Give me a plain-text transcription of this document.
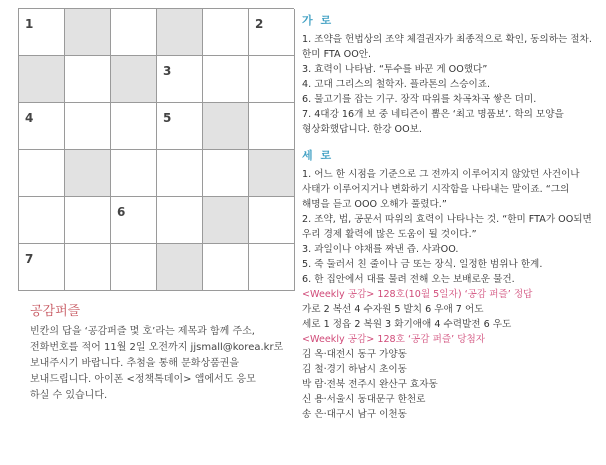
1	2
3
4	5
6
7

공감퍼즐

빈칸의 답을 ‘공감퍼즐 몇 호’라는 제목과 함께 주소,

전화번호를 적어 11월 2일 오전까지 jjsmall@korea.kr로

보내주시기 바랍니다. 추첨을 통해 문화상품권을

보내드립니다. 아이폰 <정책톡데이> 앱에서도 응모

하실 수 있습니다.

가 로

1. 조약을 헌법상의 조약 체결권자가 최종적으로 확인, 동의하는 절차.

한미 FTA OO안.

3. 효력이 나타남. “투수를 바꾼 게 OO했다”

4. 고대 그리스의 철학자. 플라톤의 스승이죠.

6. 물고기를 잡는 기구. 장작 따위를 차곡차곡 쌓은 더미.

7. 4대강 16개 보 중 네티즌이 뽑은 ‘최고 명품보’. 학의 모양을

형상화했답니다. 한강 OO보.

세 로

1. 어느 한 시점을 기준으로 그 전까지 이루어지지 않았던 사건이나

사태가 이루어지거나 변화하기 시작함을 나타내는 말이죠. “그의

해명을 듣고 OOO 오해가 풀렸다.”

2. 조약, 법, 공문서 따위의 효력이 나타나는 것. “한미 FTA가 OO되면

우리 경제 활력에 많은 도움이 될 것이다.”

3. 과일이나 야채를 짜낸 즙. 사과OO.

5. 죽 둘러서 친 줄이나 금 또는 장식. 일정한 범위나 한계.

6. 한 집안에서 대를 물려 전해 오는 보배로운 물건.

<Weekly 공감> 128호(10월 5일자) ‘공감 퍼즐’ 정답

가로 2 복선 4 수자원 5 발치 6 우애 7 어도

세로 1 정읍 2 복원 3 화기애애 4 수력발전 6 우도

<Weekly 공감> 128호 ‘공감 퍼즐’ 당첨자

김 옥·대전시 동구 가양동

김 철·경기 하남시 초이동

박 람·전북 전주시 완산구 효자동

신 용·서울시 동대문구 한천로

송 은·대구시 남구 이천동
